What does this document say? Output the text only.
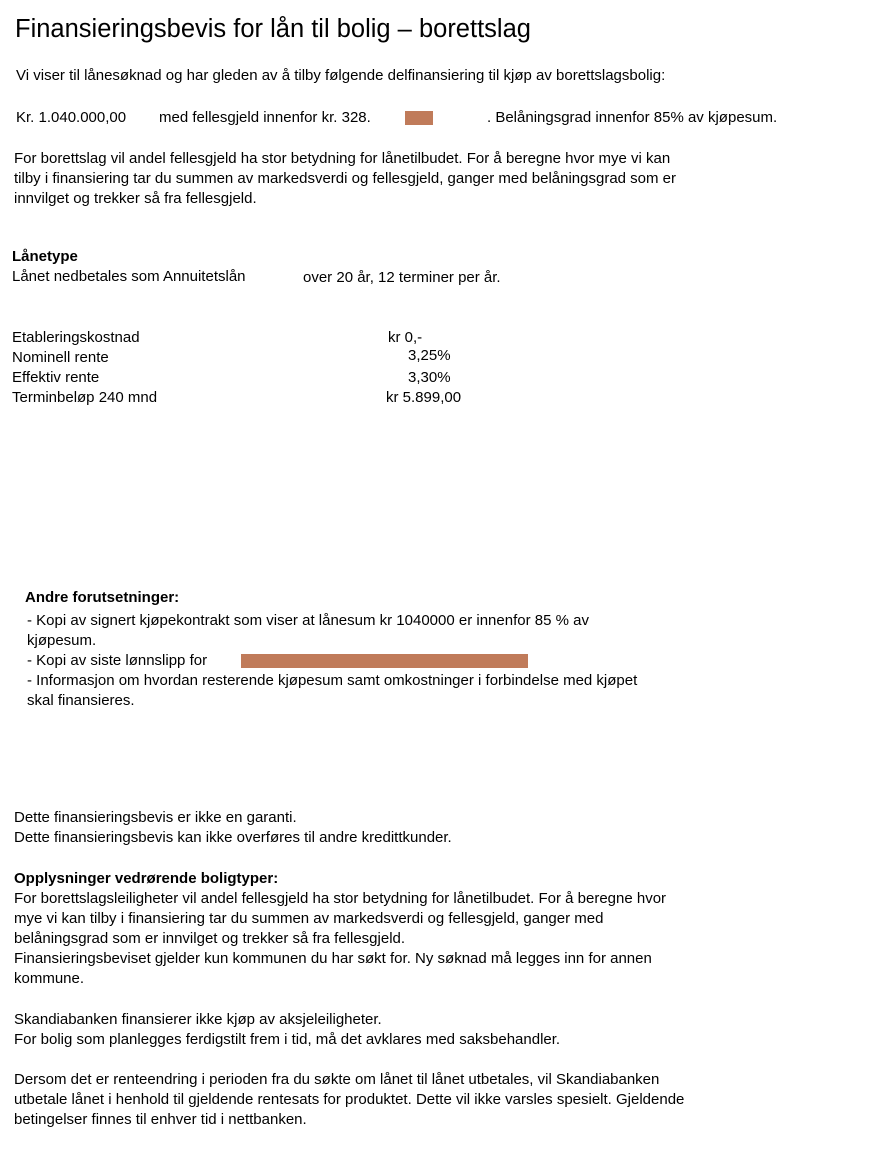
Finansieringsbevis for lån til bolig – borettslag
Vi viser til lånesøknad og har gleden av å tilby følgende delfinansiering til kjøp av borettslagsbolig:
Kr. 1.040.000,00 med fellesgjeld innenfor kr. 328.	. Belåningsgrad innenfor 85% av kjøpesum.
For borettslag vil andel fellesgjeld ha stor betydning for lånetilbudet. For å beregne hvor mye vi kan
tilby i finansiering tar du summen av markedsverdi og fellesgjeld, ganger med belåningsgrad som er
innvilget og trekker så fra fellesgjeld.
Lånetype
Lånet nedbetales som Annuitetslån	over 20 år, 12 terminer per år.
Etableringskostnad	kr 0,-
Nominell rente	3,25%
Effektiv rente	3,30%
Terminbeløp 240 mnd	kr 5.899,00
Andre forutsetninger:
- Kopi av signert kjøpekontrakt som viser at lånesum kr 1040000 er innenfor 85 % av
kjøpesum.
- Kopi av siste lønnslipp for
- Informasjon om hvordan resterende kjøpesum samt omkostninger i forbindelse med kjøpet
skal finansieres.
Dette finansieringsbevis er ikke en garanti.
Dette finansieringsbevis kan ikke overføres til andre kredittkunder.
Opplysninger vedrørende boligtyper:
For borettslagsleiligheter vil andel fellesgjeld ha stor betydning for lånetilbudet. For å beregne hvor
mye vi kan tilby i finansiering tar du summen av markedsverdi og fellesgjeld, ganger med
belåningsgrad som er innvilget og trekker så fra fellesgjeld.
Finansieringsbeviset gjelder kun kommunen du har søkt for. Ny søknad må legges inn for annen
kommune.
Skandiabanken finansierer ikke kjøp av aksjeleiligheter.
For bolig som planlegges ferdigstilt frem i tid, må det avklares med saksbehandler.
Dersom det er renteendring i perioden fra du søkte om lånet til lånet utbetales, vil Skandiabanken
utbetale lånet i henhold til gjeldende rentesats for produktet. Dette vil ikke varsles spesielt. Gjeldende
betingelser finnes til enhver tid i nettbanken.
